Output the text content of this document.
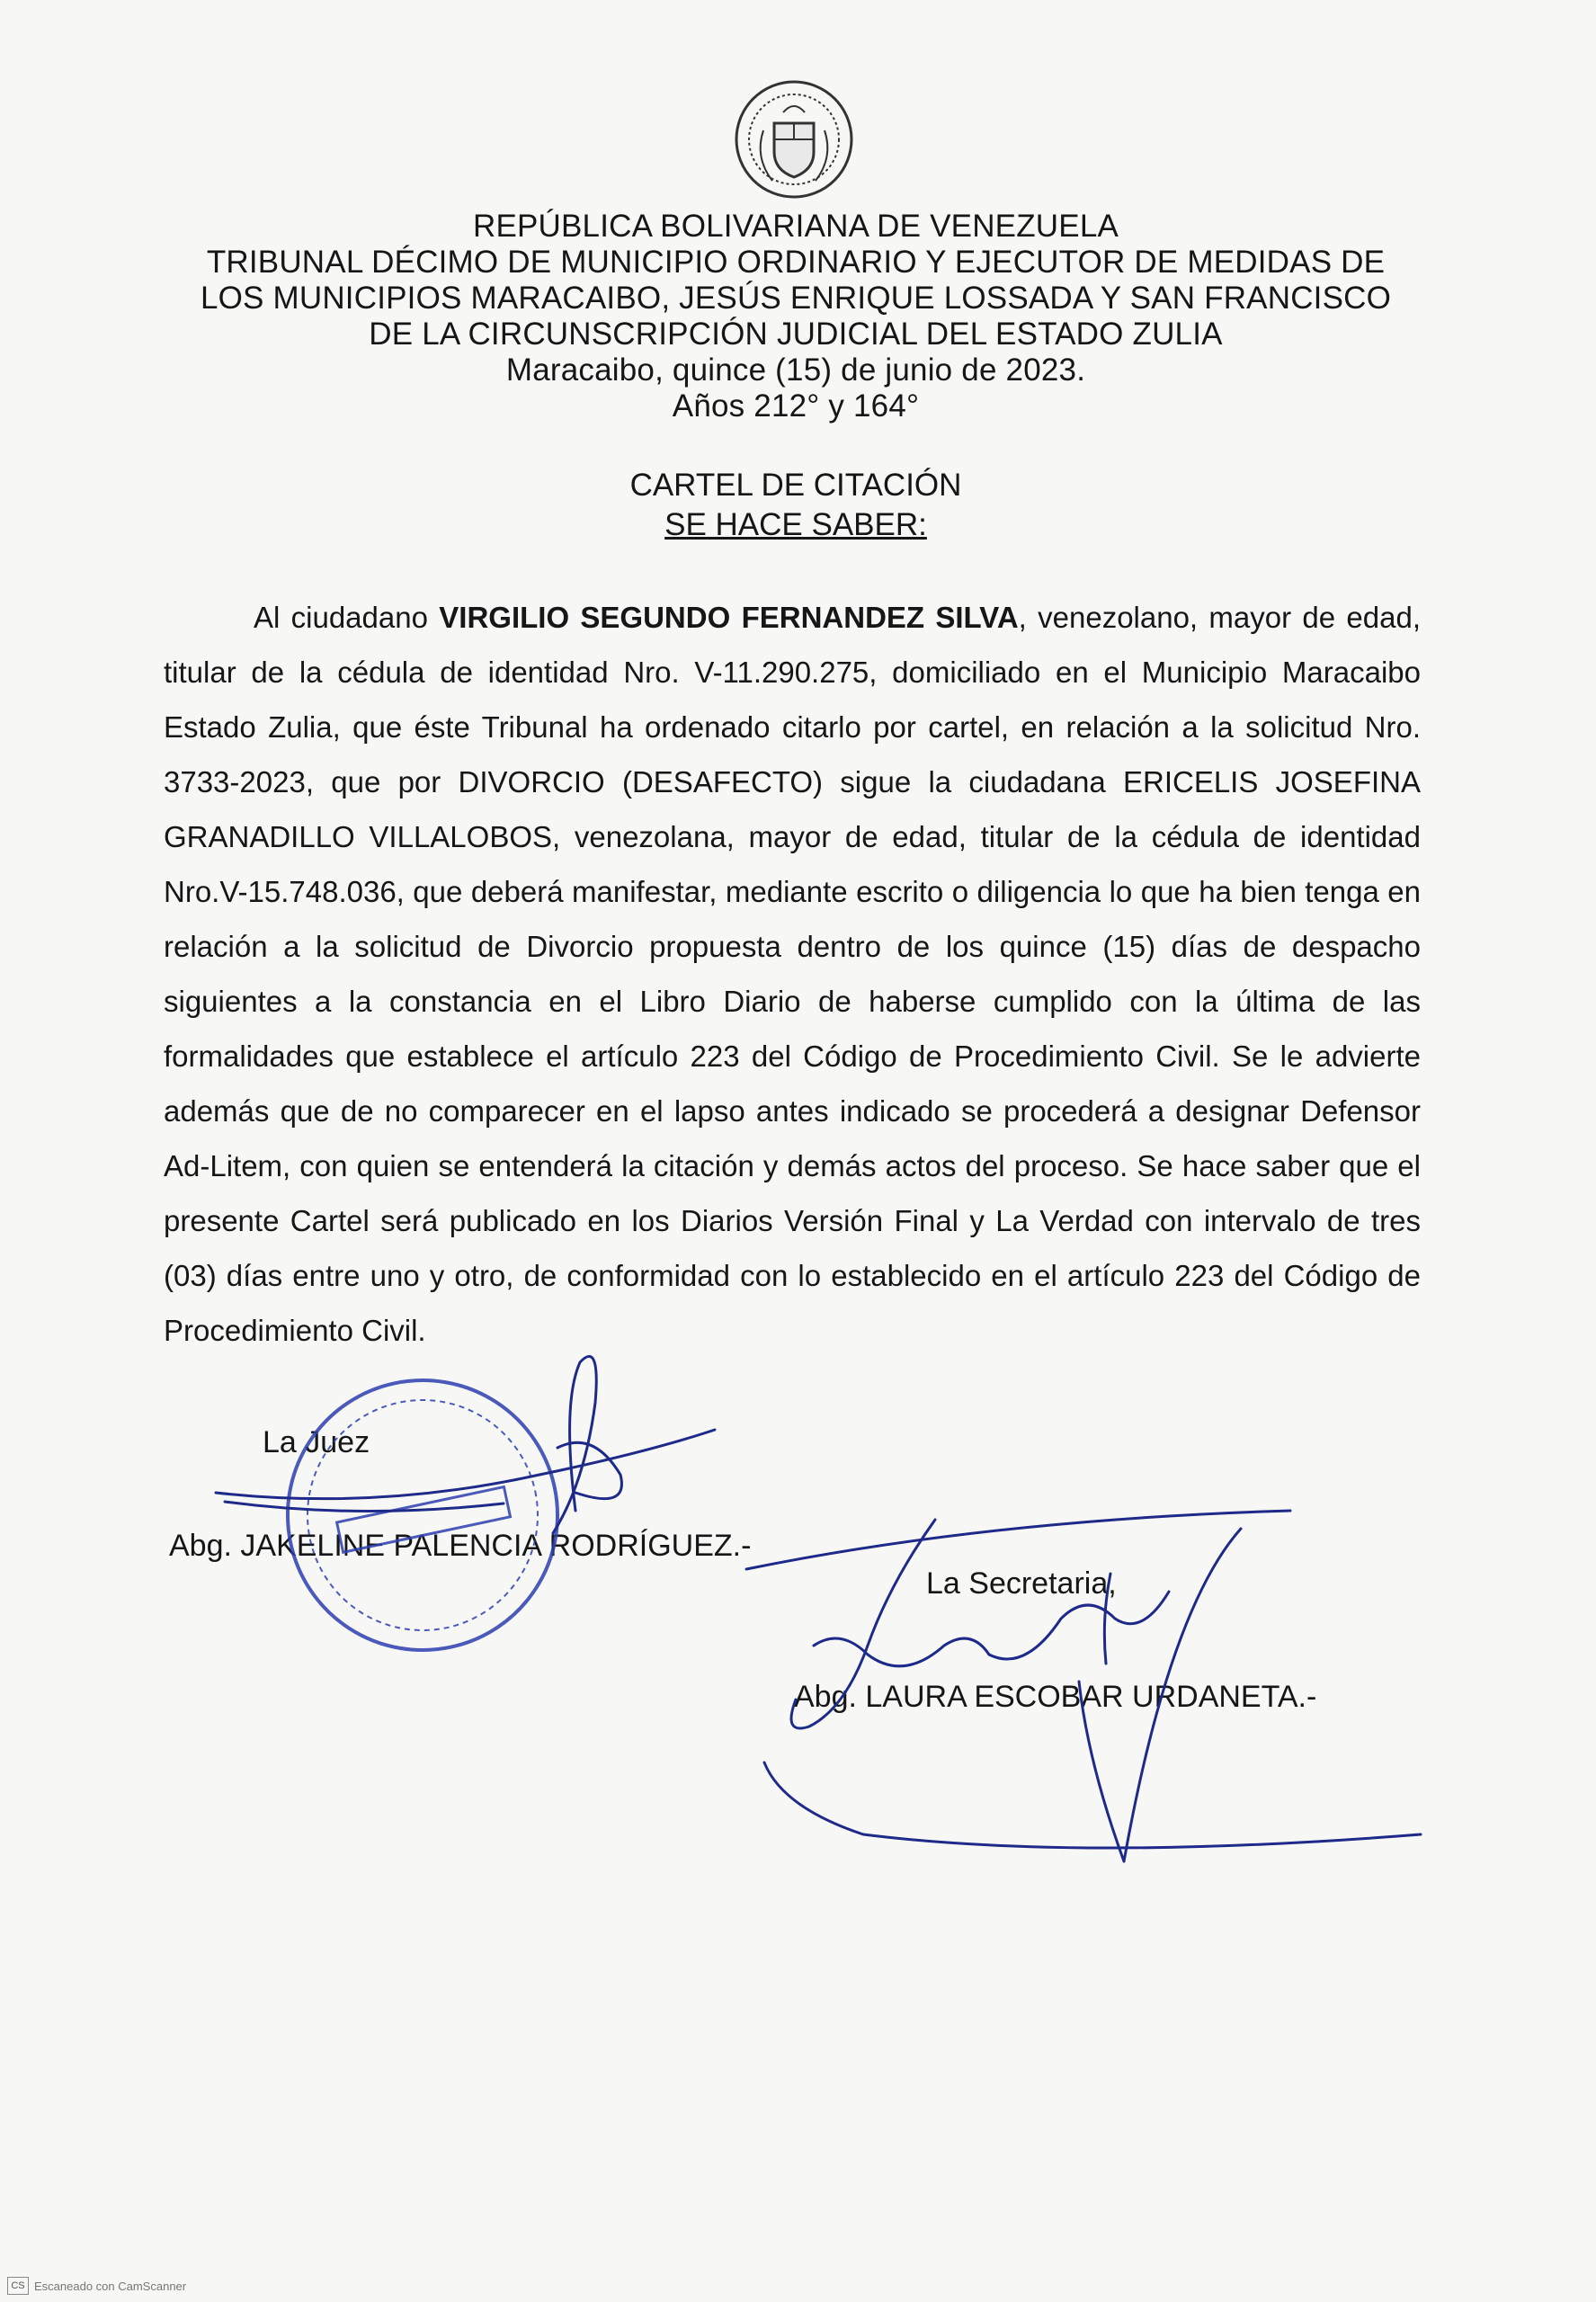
REPÚBLICA BOLIVARIANA DE VENEZUELA
TRIBUNAL DÉCIMO DE MUNICIPIO ORDINARIO Y EJECUTOR DE MEDIDAS DE
LOS MUNICIPIOS MARACAIBO, JESÚS ENRIQUE LOSSADA Y SAN FRANCISCO
DE LA CIRCUNSCRIPCIÓN JUDICIAL DEL ESTADO ZULIA
Maracaibo, quince (15) de junio de 2023.
Años 212° y 164°
CARTEL DE CITACIÓN
SE HACE SABER:
Al ciudadano VIRGILIO SEGUNDO FERNANDEZ SILVA, venezolano, mayor de edad, titular de la cédula de identidad Nro. V-11.290.275, domiciliado en el Municipio Maracaibo Estado Zulia, que éste Tribunal ha ordenado citarlo por cartel, en relación a la solicitud Nro. 3733-2023, que por DIVORCIO (DESAFECTO) sigue la ciudadana ERICELIS JOSEFINA GRANADILLO VILLALOBOS, venezolana, mayor de edad, titular de la cédula de identidad Nro.V-15.748.036, que deberá manifestar, mediante escrito o diligencia lo que ha bien tenga en relación a la solicitud de Divorcio propuesta dentro de los quince (15) días de despacho siguientes a la constancia en el Libro Diario de haberse cumplido con la última de las formalidades que establece el artículo 223 del Código de Procedimiento Civil. Se le advierte además que de no comparecer en el lapso antes indicado se procederá a designar Defensor Ad-Litem, con quien se entenderá la citación y demás actos del proceso. Se hace saber que el presente Cartel será publicado en los Diarios Versión Final y La Verdad con intervalo de tres (03) días entre uno y otro, de conformidad con lo establecido en el artículo 223 del Código de Procedimiento Civil.
La Juez
Abg. JAKELINE PALENCIA RODRÍGUEZ.-
La Secretaria,
Abg. LAURA ESCOBAR URDANETA.-
CS Escaneado con CamScanner
